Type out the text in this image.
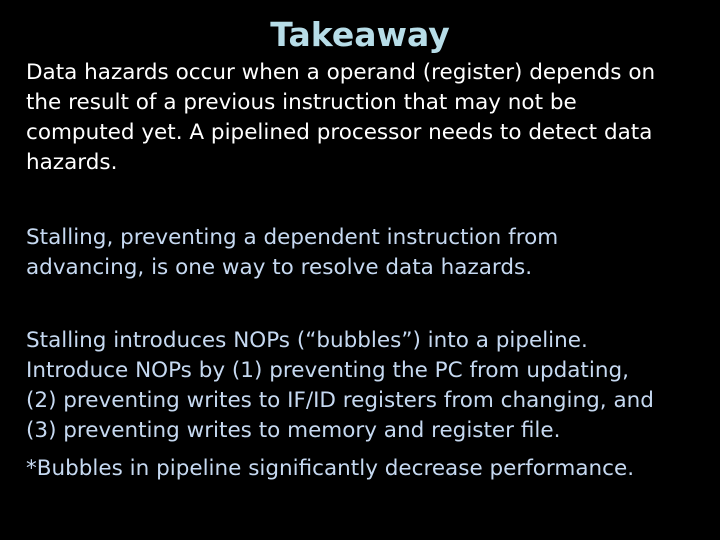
Takeaway

Data hazards occur when a operand (register) depends on
the result of a previous instruction that may not be
computed yet. A pipelined processor needs to detect data
hazards.

Stalling, preventing a dependent instruction from
advancing, is one way to resolve data hazards.

Stalling introduces NOPs (“bubbles”) into a pipeline.
Introduce NOPs by (1) preventing the PC from updating,
(2) preventing writes to IF/ID registers from changing, and
(3) preventing writes to memory and register file.

*Bubbles in pipeline significantly decrease performance.
